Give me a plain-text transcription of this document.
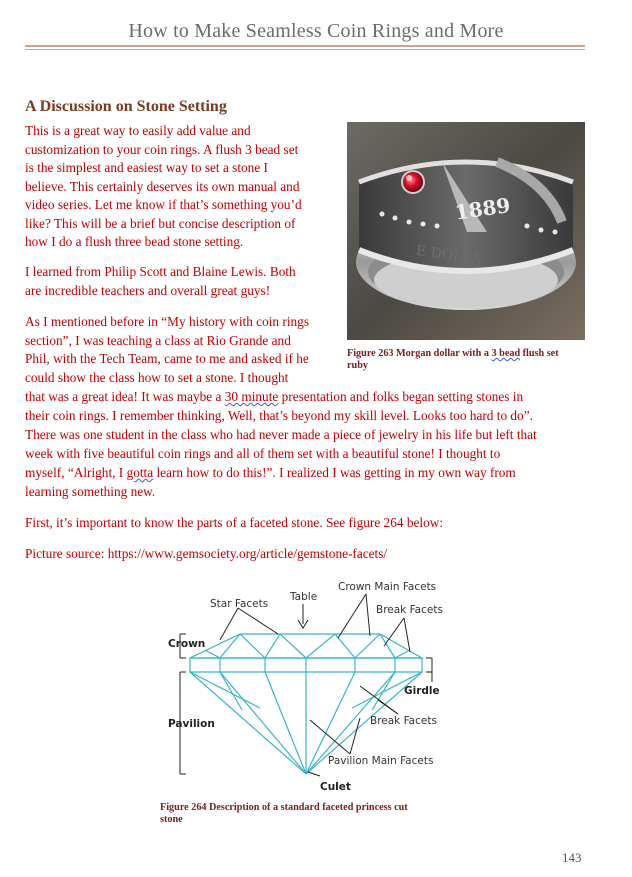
How to Make Seamless Coin Rings and More
A Discussion on Stone Setting

This is a great way to easily add value and

customization to your coin rings. A flush 3 bead set

is the simplest and easiest way to set a stone I

believe. This certainly deserves its own manual and

video series. Let me know if that’s something you’d

like? This will be a brief but concise description of

how I do a flush three bead stone setting.

I learned from Philip Scott and Blaine Lewis. Both

are incredible teachers and overall great guys!

As I mentioned before in “My history with coin rings

section”, I was teaching a class at Rio Grande and

Phil, with the Tech Team, came to me and asked if he

could show the class how to set a stone. I thought

that was a great idea! It was maybe a 30 minute presentation and folks began setting stones in

their coin rings. I remember thinking, Well, that’s beyond my skill level. Looks too hard to do”.

There was one student in the class who had never made a piece of jewelry in his life but left that

week with five beautiful coin rings and all of them set with a beautiful stone! I thought to

myself, “Alright, I gotta learn how to do this!”. I realized I was getting in my own way from

learning something new.

First, it’s important to know the parts of a faceted stone. See figure 264 below:

Picture source: https://www.gemsociety.org/article/gemstone-facets/

1889
E DOLLA
Figure 263 Morgan dollar with a 3 bead flush set
ruby
Star Facets
Table
Crown Main Facets
Break Facets
Crown
Girdle
Pavilion	Break Facets
Pavilion Main Facets
Culet
Figure 264 Description of a standard faceted princess cut
stone
143
